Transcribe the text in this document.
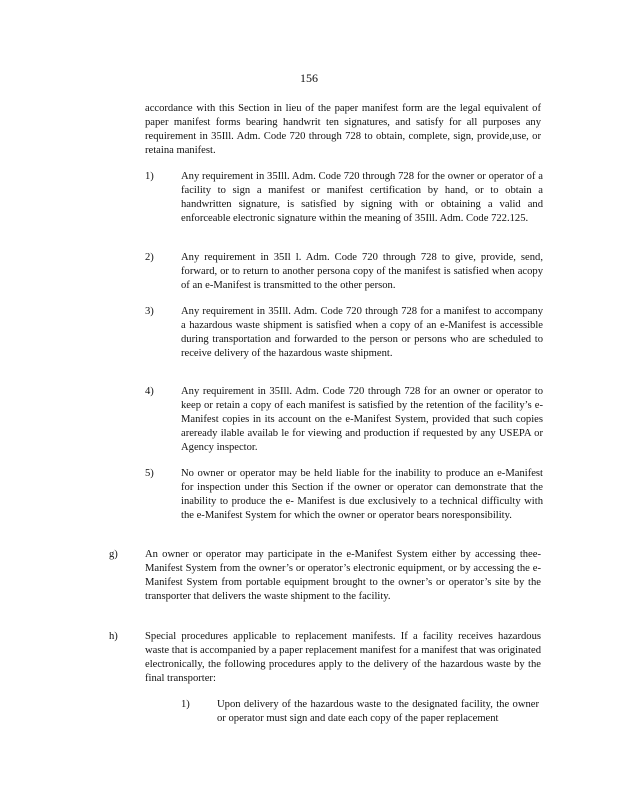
156

accordance with this Section in lieu of the paper manifest form are the legal equivalent of paper manifest forms bearing handwrit ten signatures, and satisfy for all purposes any requirement in 35Ill. Adm. Code 720 through 728 to obtain, complete, sign, provide,use, or retaina manifest.

1)	Any requirement in 35Ill. Adm. Code 720 through 728 for the owner or operator of a facility to sign a manifest or manifest certification by hand, or to obtain a handwritten signature, is satisfied by signing with or obtaining a valid and enforceable electronic signature within the meaning of 35Ill. Adm. Code 722.125.

2)	Any requirement in 35Il l. Adm. Code 720 through 728 to give, provide, send, forward, or to return to another persona copy of the manifest is satisfied when acopy of an e-Manifest is transmitted to the other person.

3)	Any requirement in 35Ill. Adm. Code 720 through 728 for a manifest to accompany a hazardous waste shipment is satisfied when a copy of an e-Manifest is accessible during transportation and forwarded to the person or persons who are scheduled to receive delivery of the hazardous waste shipment.

4)	Any requirement in 35Ill. Adm. Code 720 through 728 for an owner or operator to keep or retain a copy of each manifest is satisfied by the retention of the facility’s e-Manifest copies in its account on the e-Manifest System, provided that such copies areready ilable availab le for viewing and production if requested by any USEPA or Agency inspector.

5)	No owner or operator may be held liable for the inability to produce an e-Manifest for inspection under this Section if the owner or operator can demonstrate that the inability to produce the e- Manifest is due exclusively to a technical difficulty with the e-Manifest System for which the owner or operator bears noresponsibility.

g)	An owner or operator may participate in the e-Manifest System either by accessing thee-Manifest System from the owner’s or operator’s electronic equipment, or by accessing the e-Manifest System from portable equipment brought to the owner’s or operator’s site by the transporter that delivers the waste shipment to the facility.

h)	Special procedures applicable to replacement manifests. If a facility receives hazardous waste that is accompanied by a paper replacement manifest for a manifest that was originated electronically, the following procedures apply to the delivery of the hazardous waste by the final transporter:

1)	Upon delivery of the hazardous waste to the designated facility, the owner or operator must sign and date each copy of the paper replacement
